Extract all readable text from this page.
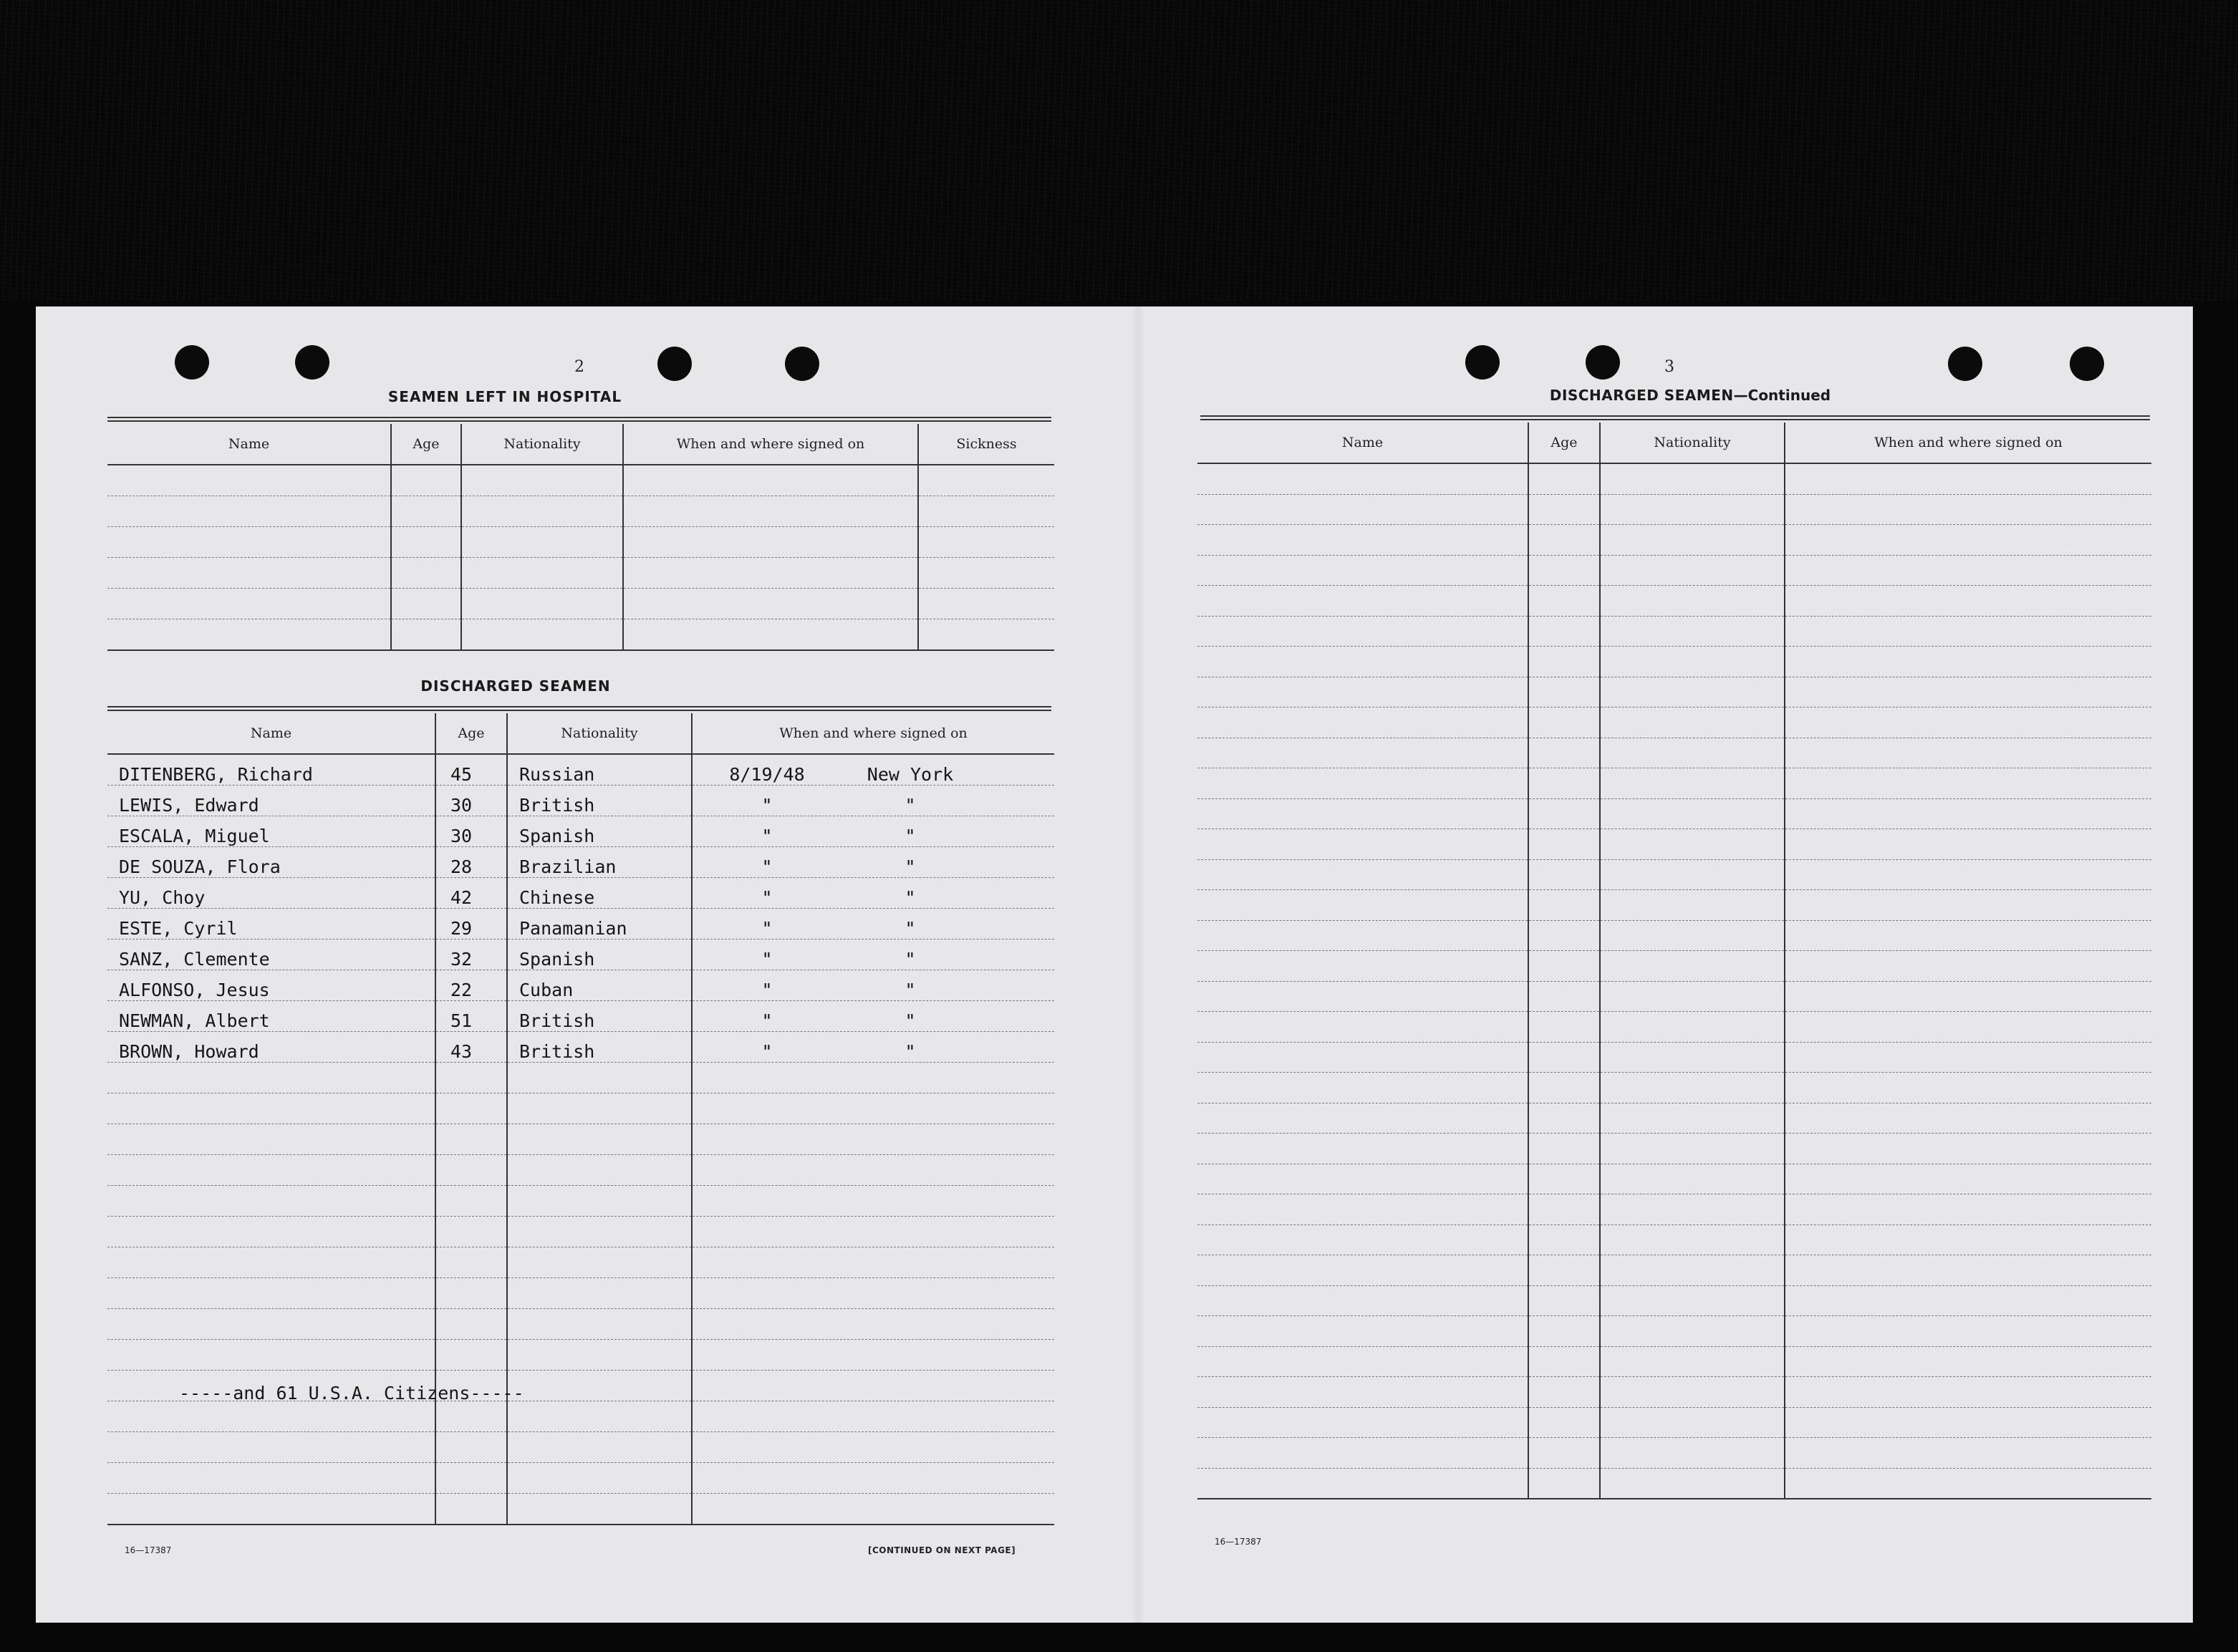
2
SEAMEN LEFT IN HOSPITAL
Name	Age	Nationality	When and where signed on	Sickness

DISCHARGED SEAMEN
Name	Age	Nationality	When and where signed on
DITENBERG, Richard	45	Russian	8/19/48 New York
LEWIS, Edward	30	British	" "
ESCALA, Miguel	30	Spanish	" "
DE SOUZA, Flora	28	Brazilian	" "
YU, Choy	42	Chinese	" "
ESTE, Cyril	29	Panamanian	" "
SANZ, Clemente	32	Spanish	" "
ALFONSO, Jesus	22	Cuban	" "
NEWMAN, Albert	51	British	" "
BROWN, Howard	43	British	" "

-----and 61 U.S.A. Citizens-----
16—17387	[CONTINUED ON NEXT PAGE]
3
DISCHARGED SEAMEN—Continued
Name	Age	Nationality	When and where signed on

16—17387
